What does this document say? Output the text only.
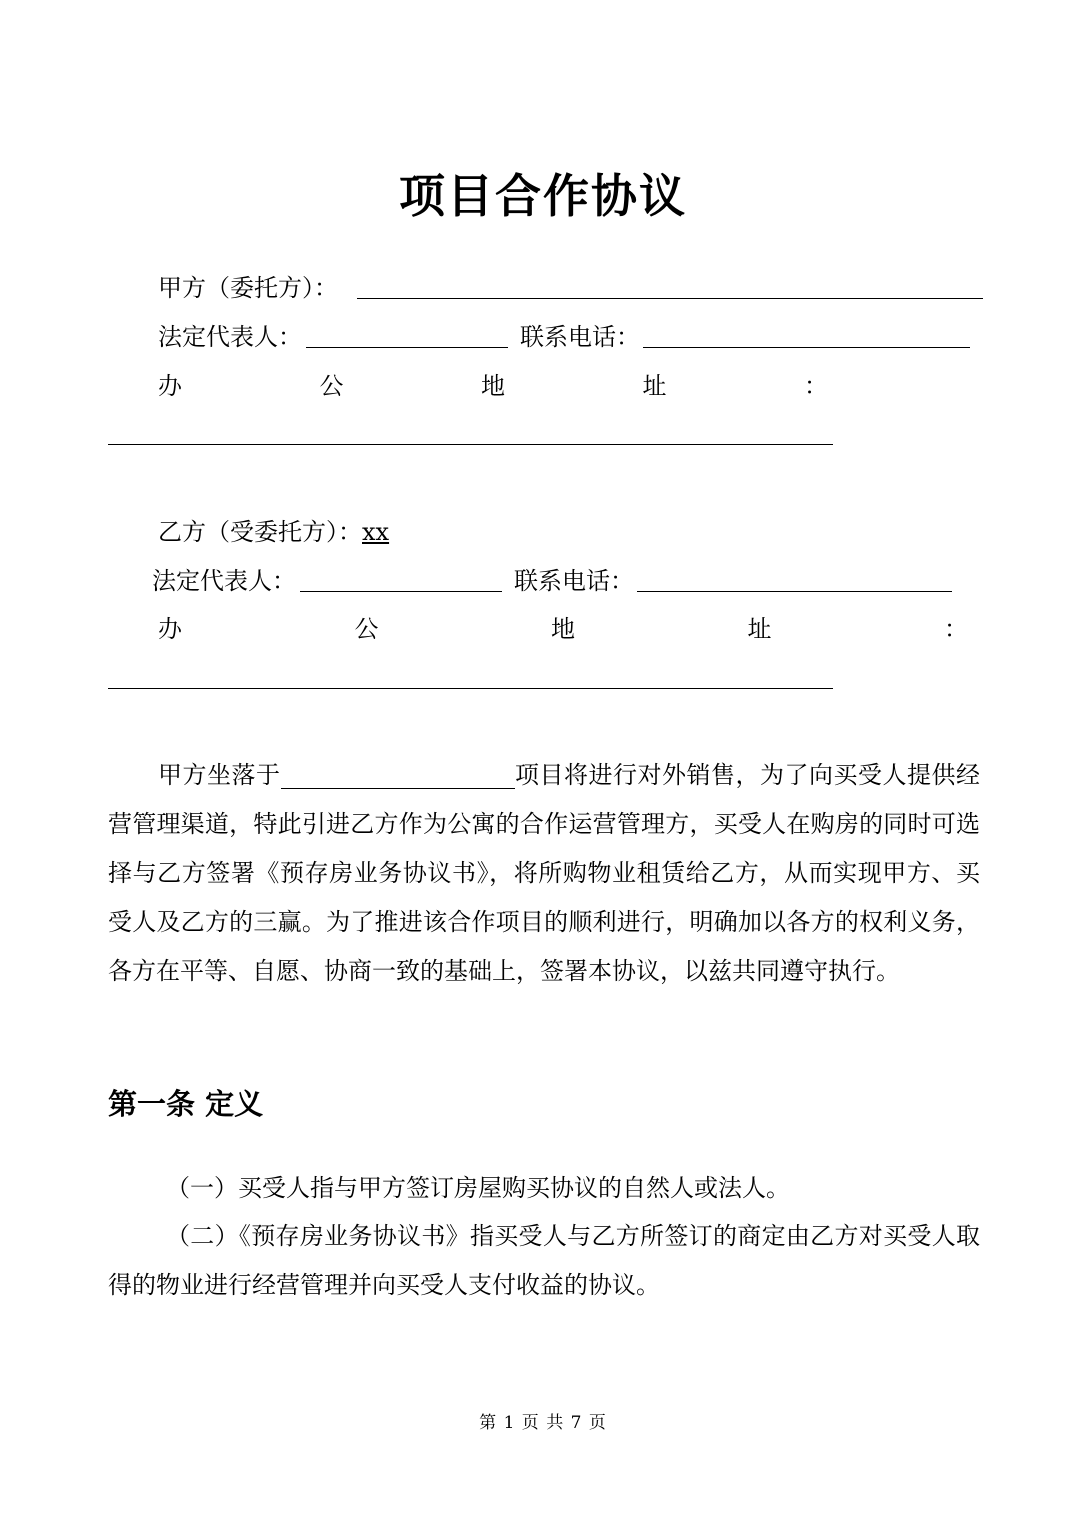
项目合作协议
甲方（委托方）：
法定代表人：	联系电话：
办	公	地	址	：
乙方（受委托方）：xx
法定代表人：	联系电话：
办	公	地	址	：
甲方坐落于	项目将进行对外销售，为了向买受人提供经营管理渠道，特此引进乙方作为公寓的合作运营管理方，买受人在购房的同时可选择与乙方签署《预存房业务协议书》，将所购物业租赁给乙方，从而实现甲方、买受人及乙方的三赢。为了推进该合作项目的顺利进行，明确加以各方的权利义务，各方在平等、自愿、协商一致的基础上，签署本协议，以兹共同遵守执行。
第一条 定义
（一）买受人指与甲方签订房屋购买协议的自然人或法人。
（二）《预存房业务协议书》指买受人与乙方所签订的商定由乙方对买受人取得的物业进行经营管理并向买受人支付收益的协议。
第 1 页 共 7 页
